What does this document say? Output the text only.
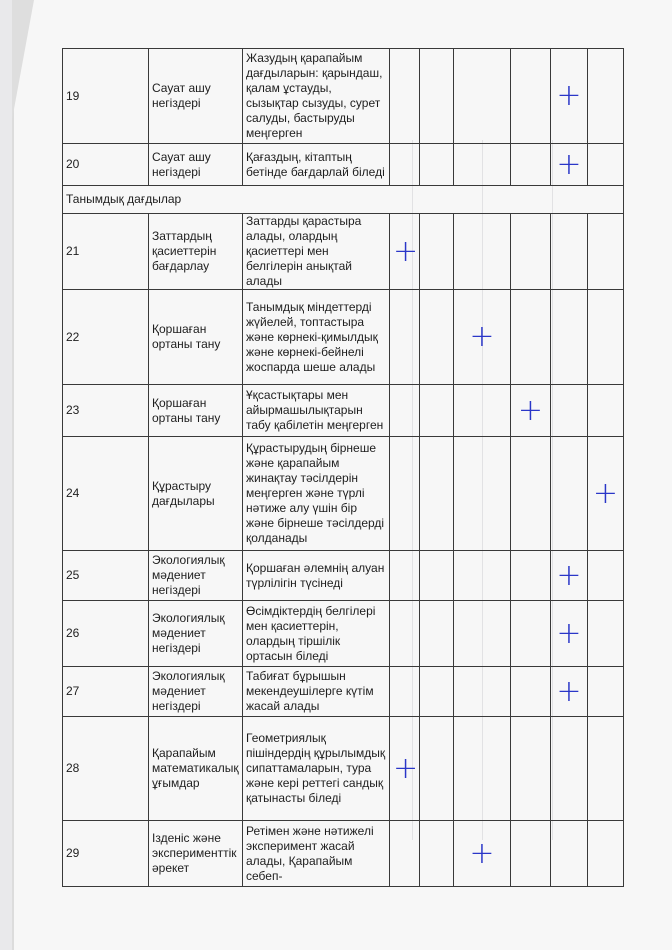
19	Сауат ашу негіздері	Жазудың қарапайым дағдыларын: қарындаш, қалам ұстауды, сызықтар сызуды, сурет салуды, бастыруды меңгерген					+	
20	Сауат ашу негіздері	Қағаздың, кітаптың бетінде бағдарлай біледі					+	
Танымдық дағдылар								
21	Заттардың қасиеттерін бағдарлау	Заттарды қарастыра алады, олардың қасиеттері мен белгілерін анықтай алады	+					
22	Қоршаған ортаны тану	Танымдық міндеттерді жүйелей, топтастыра және көрнекі-қимылдық және көрнекі-бейнелі жоспарда шеше алады			+			
23	Қоршаған ортаны тану	Ұқсастықтары мен айырмашылықтарын табу қабілетін меңгерген				+		
24	Құрастыру дағдылары	Құрастырудың бірнеше және қарапайым жинақтау тәсілдерін меңгерген және түрлі нәтиже алу үшін бір және бірнеше тәсілдерді қолданады						+
25	Экологиялық мәдениет негіздері	Қоршаған әлемнің алуан түрлілігін түсінеді					+	
26	Экологиялық мәдениет негіздері	Өсімдіктердің белгілері мен қасиеттерін, олардың тіршілік ортасын біледі					+	
27	Экологиялық мәдениет негіздері	Табиғат бұрышын мекендеушілерге күтім жасай алады					+	
28	Қарапайым математикалық ұғымдар	Геометриялық пішіндердің құрылымдық сипаттамаларын, тура және кері реттегі сандық қатынасты біледі	+					
29	Ізденіс және эксперименттік әрекет	Ретімен және нәтижелі эксперимент жасай алады, Қарапайым себеп-			+			
